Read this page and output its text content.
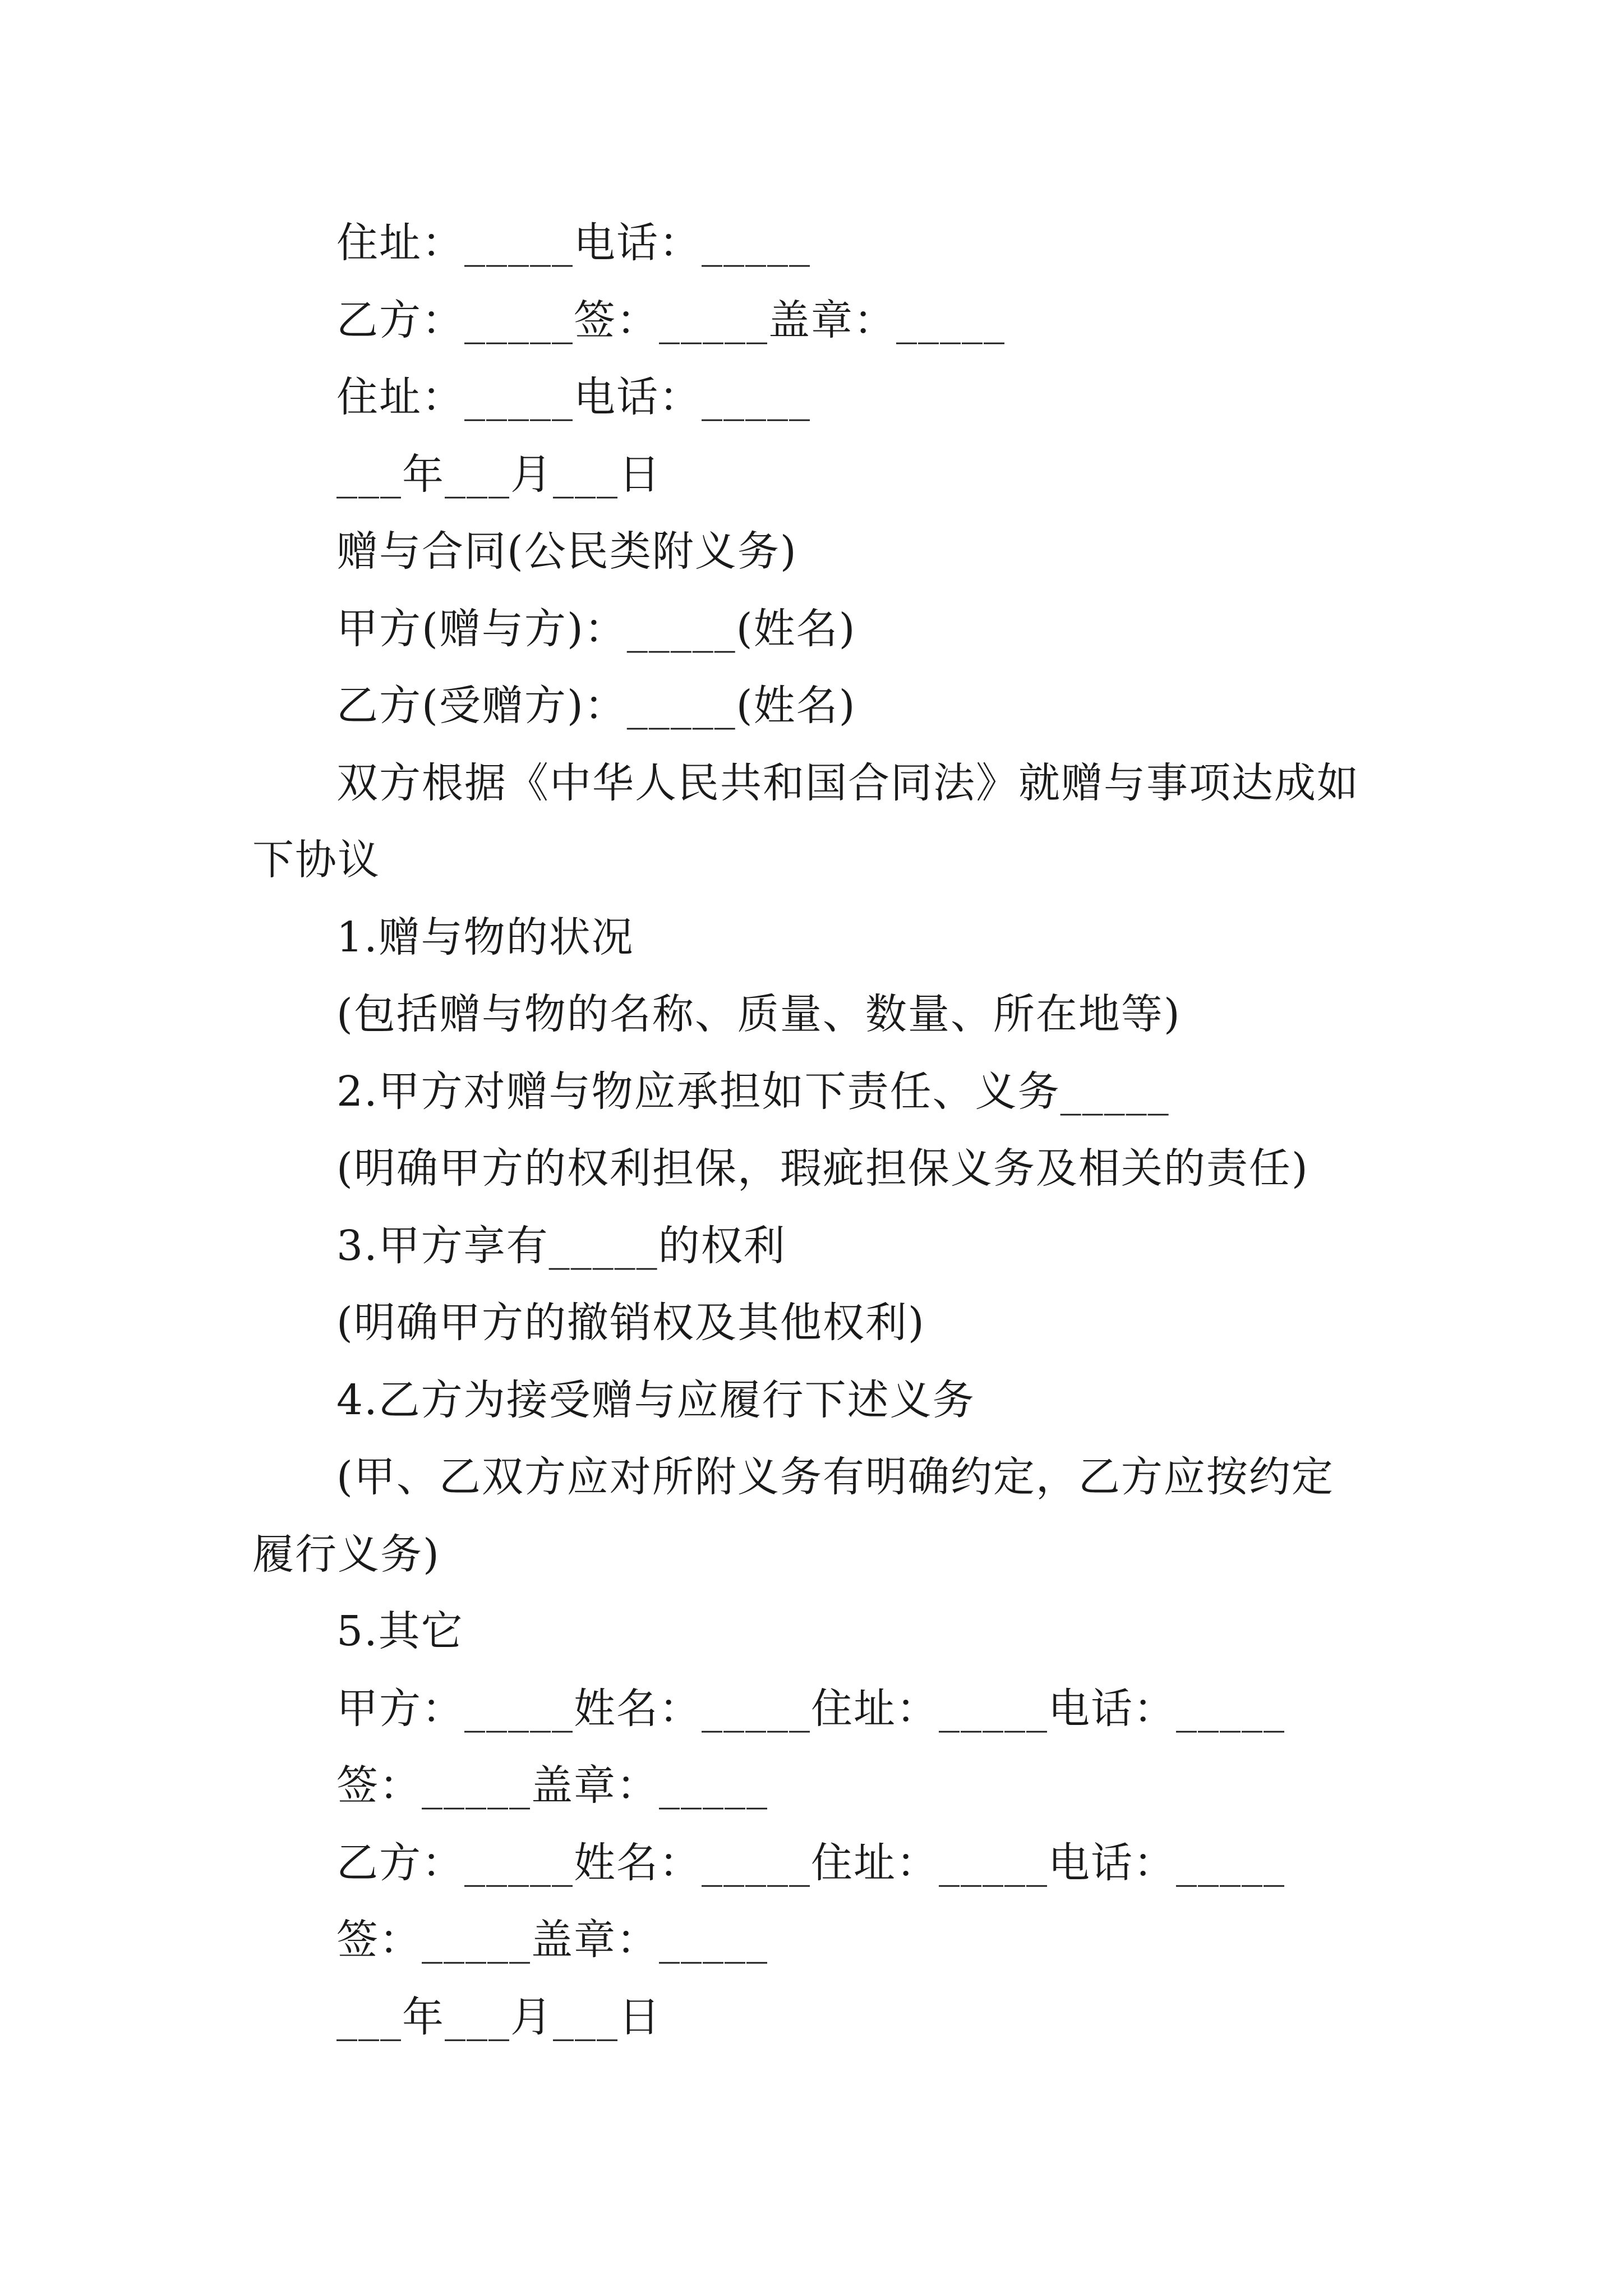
住址：_____电话：_____
乙方：_____签：_____盖章：_____
住址：_____电话：_____
___年___月___日
赠与合同(公民类附义务)
甲方(赠与方)：_____(姓名)
乙方(受赠方)：_____(姓名)
双方根据《中华人民共和国合同法》就赠与事项达成如
下协议
1.赠与物的状况
(包括赠与物的名称、质量、数量、所在地等)
2.甲方对赠与物应承担如下责任、义务_____
(明确甲方的权利担保，瑕疵担保义务及相关的责任)
3.甲方享有_____的权利
(明确甲方的撤销权及其他权利)
4.乙方为接受赠与应履行下述义务
(甲、乙双方应对所附义务有明确约定，乙方应按约定
履行义务)
5.其它
甲方：_____姓名：_____住址：_____电话：_____
签：_____盖章：_____
乙方：_____姓名：_____住址：_____电话：_____
签：_____盖章：_____
___年___月___日
